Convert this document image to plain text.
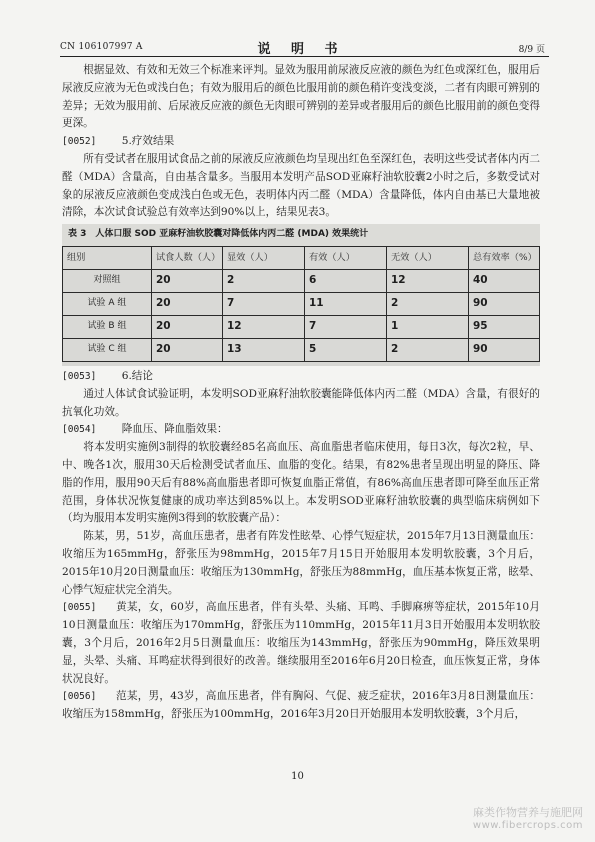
CN 106107997 A	说 明 书	8/9 页

根据显效、有效和无效三个标准来评判。显效为服用前尿液反应液的颜色为红色或深红色，服用后尿液反应液为无色或浅白色；有效为服用后的颜色比服用前的颜色稍许变浅变淡，二者有肉眼可辨别的差异；无效为服用前、后尿液反应液的颜色无肉眼可辨别的差异或者服用后的颜色比服用前的颜色变得更深。

[0052] 5.疗效结果

所有受试者在服用试食品之前的尿液反应液颜色均呈现出红色至深红色，表明这些受试者体内丙二醛（MDA）含量高，自由基含量多。当服用本发明产品SOD亚麻籽油软胶囊2小时之后，多数受试对象的尿液反应液颜色变成浅白色或无色，表明体内丙二醛（MDA）含量降低，体内自由基已大量地被清除，本次试食试验总有效率达到90%以上，结果见表3。

表 3　人体口服 SOD 亚麻籽油软胶囊对降低体内丙二醛 (MDA) 效果统计
组别	试食人数（人）	显效（人）	有效（人）	无效（人）	总有效率（%）
对照组	20	2	6	12	40
试验 A 组	20	7	11	2	90
试验 B 组	20	12	7	1	95
试验 C 组	20	13	5	2	90

[0053] 6.结论

通过人体试食试验证明，本发明SOD亚麻籽油软胶囊能降低体内丙二醛（MDA）含量，有很好的抗氧化功效。

[0054] 降血压、降血脂效果：

将本发明实施例3制得的软胶囊经85名高血压、高血脂患者临床使用，每日3次，每次2粒，早、中、晚各1次，服用30天后检测受试者血压、血脂的变化。结果，有82%患者呈现出明显的降压、降脂的作用，服用90天后有88%高血脂患者即可恢复血脂正常值，有86%高血压患者即可降至血压正常范围，身体状况恢复健康的成功率达到85%以上。本发明SOD亚麻籽油软胶囊的典型临床病例如下（均为服用本发明实施例3得到的软胶囊产品）：

陈某，男，51岁，高血压患者，患者有阵发性眩晕、心悸气短症状，2015年7月13日测量血压：收缩压为165mmHg，舒张压为98mmHg，2015年7月15日开始服用本发明软胶囊，3个月后，2015年10月20日测量血压：收缩压为130mmHg，舒张压为88mmHg，血压基本恢复正常，眩晕、心悸气短症状完全消失。

[0055] 黄某，女，60岁，高血压患者，伴有头晕、头痛、耳鸣、手脚麻痹等症状，2015年10月10日测量血压：收缩压为170mmHg，舒张压为110mmHg，2015年11月3日开始服用本发明软胶囊，3个月后，2016年2月5日测量血压：收缩压为143mmHg，舒张压为90mmHg，降压效果明显，头晕、头痛、耳鸣症状得到很好的改善。继续服用至2016年6月20日检查，血压恢复正常，身体状况良好。

[0056] 范某，男，43岁，高血压患者，伴有胸闷、气促、疲乏症状，2016年3月8日测量血压：收缩压为158mmHg，舒张压为100mmHg，2016年3月20日开始服用本发明软胶囊，3个月后，

10
麻类作物营养与施肥网
www.fibercrops.com
